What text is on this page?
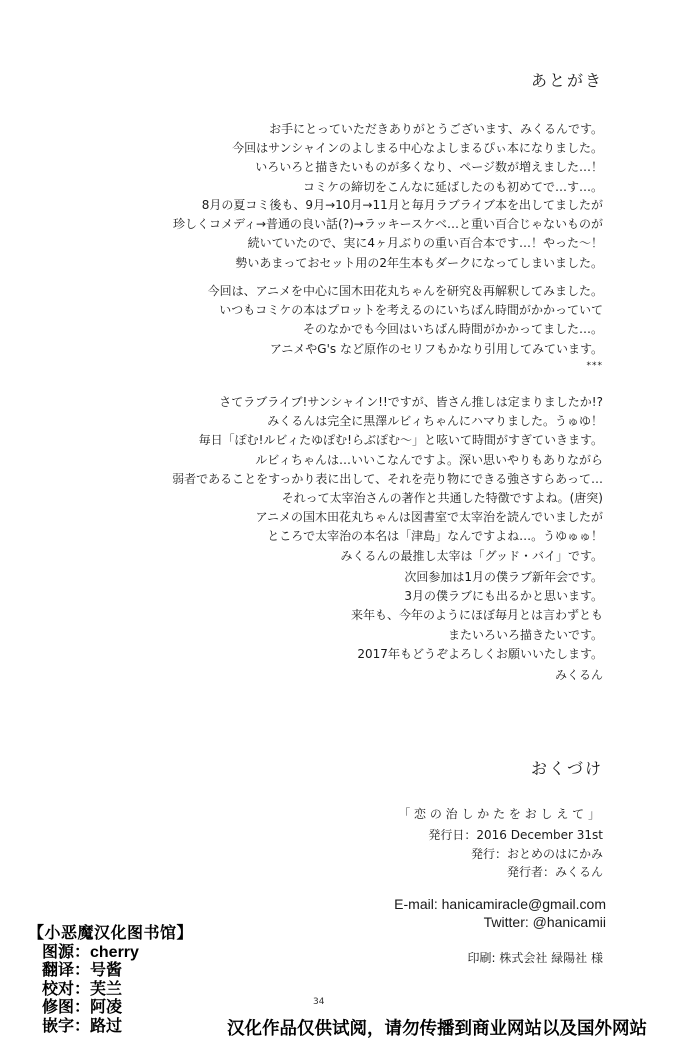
あとがき
お手にとっていただきありがとうございます、みくるんです。
今回はサンシャインのよしまる中心なよしまるぴぃ本になりました。
いろいろと描きたいものが多くなり、ページ数が増えました…！
コミケの締切をこんなに延ばしたのも初めてで…す…。
8月の夏コミ後も、9月→10月→11月と毎月ラブライブ本を出してましたが
珍しくコメディ→普通の良い話(?)→ラッキースケベ…と重い百合じゃないものが
続いていたので、実に4ヶ月ぶりの重い百合本です…！やった～！
勢いあまっておセット用の2年生本もダークになってしまいました。
今回は、アニメを中心に国木田花丸ちゃんを研究＆再解釈してみました。
いつもコミケの本はプロットを考えるのにいちばん時間がかかっていて
そのなかでも今回はいちばん時間がかかってました…。
アニメやG's など原作のセリフもかなり引用してみています。
***
さてラブライブ!サンシャイン!!ですが、皆さん推しは定まりましたか!?
みくるんは完全に黒澤ルビィちゃんにハマりました。うゅゆ！
毎日「ぽむ!ルビィたゆぽむ!らぶぽむ～」と呟いて時間がすぎていきます。
ルビィちゃんは…いいこなんですよ。深い思いやりもありながら
弱者であることをすっかり表に出して、それを売り物にできる強さすらあって…
それって太宰治さんの著作と共通した特徴ですよね。(唐突)
アニメの国木田花丸ちゃんは図書室で太宰治を読んでいましたが
ところで太宰治の本名は「津島」なんですよね…。うゆゅゅ！
みくるんの最推し太宰は「グッド・バイ」です。
次回参加は1月の僕ラブ新年会です。
3月の僕ラブにも出るかと思います。
来年も、今年のようにほぼ毎月とは言わずとも
またいろいろ描きたいです。
2017年もどうぞよろしくお願いいたします。
みくるん
おくづけ
「 恋 の 治 し か た を お し え て 」
発行日：2016 December 31st
発行：おとめのはにかみ
発行者：みくるん
E-mail: hanicamiracle@gmail.com
Twitter: @hanicamii
印刷: 株式会社 緑陽社 様
34
【小恶魔汉化图书馆】
图源：cherry
翻译：号酱
校对：芙兰
修图：阿凌
嵌字：路过	汉化作品仅供试阅，请勿传播到商业网站以及国外网站
